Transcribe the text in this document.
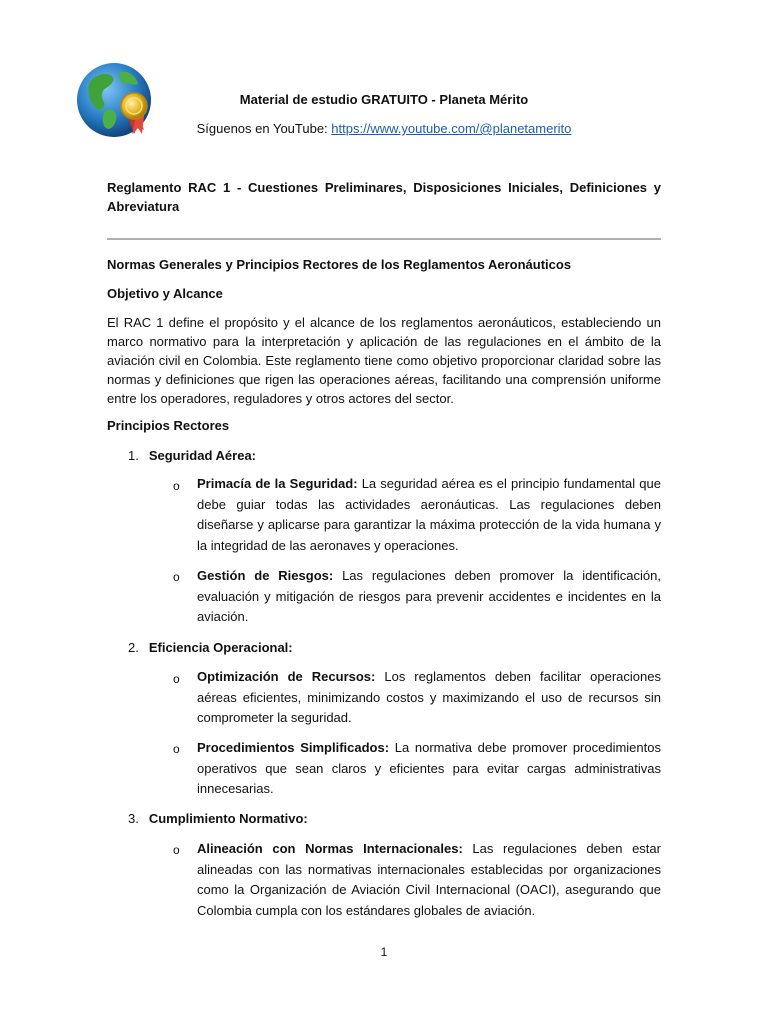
Material de estudio GRATUITO - Planeta Mérito
Síguenos en YouTube: https://www.youtube.com/@planetamerito
Reglamento RAC 1 - Cuestiones Preliminares, Disposiciones Iniciales, Definiciones y Abreviatura
Normas Generales y Principios Rectores de los Reglamentos Aeronáuticos
Objetivo y Alcance
El RAC 1 define el propósito y el alcance de los reglamentos aeronáuticos, estableciendo un marco normativo para la interpretación y aplicación de las regulaciones en el ámbito de la aviación civil en Colombia. Este reglamento tiene como objetivo proporcionar claridad sobre las normas y definiciones que rigen las operaciones aéreas, facilitando una comprensión uniforme entre los operadores, reguladores y otros actores del sector.
Principios Rectores
1. Seguridad Aérea:
o Primacía de la Seguridad: La seguridad aérea es el principio fundamental que debe guiar todas las actividades aeronáuticas. Las regulaciones deben diseñarse y aplicarse para garantizar la máxima protección de la vida humana y la integridad de las aeronaves y operaciones.
o Gestión de Riesgos: Las regulaciones deben promover la identificación, evaluación y mitigación de riesgos para prevenir accidentes e incidentes en la aviación.
2. Eficiencia Operacional:
o Optimización de Recursos: Los reglamentos deben facilitar operaciones aéreas eficientes, minimizando costos y maximizando el uso de recursos sin comprometer la seguridad.
o Procedimientos Simplificados: La normativa debe promover procedimientos operativos que sean claros y eficientes para evitar cargas administrativas innecesarias.
3. Cumplimiento Normativo:
o Alineación con Normas Internacionales: Las regulaciones deben estar alineadas con las normativas internacionales establecidas por organizaciones como la Organización de Aviación Civil Internacional (OACI), asegurando que Colombia cumpla con los estándares globales de aviación.
1
